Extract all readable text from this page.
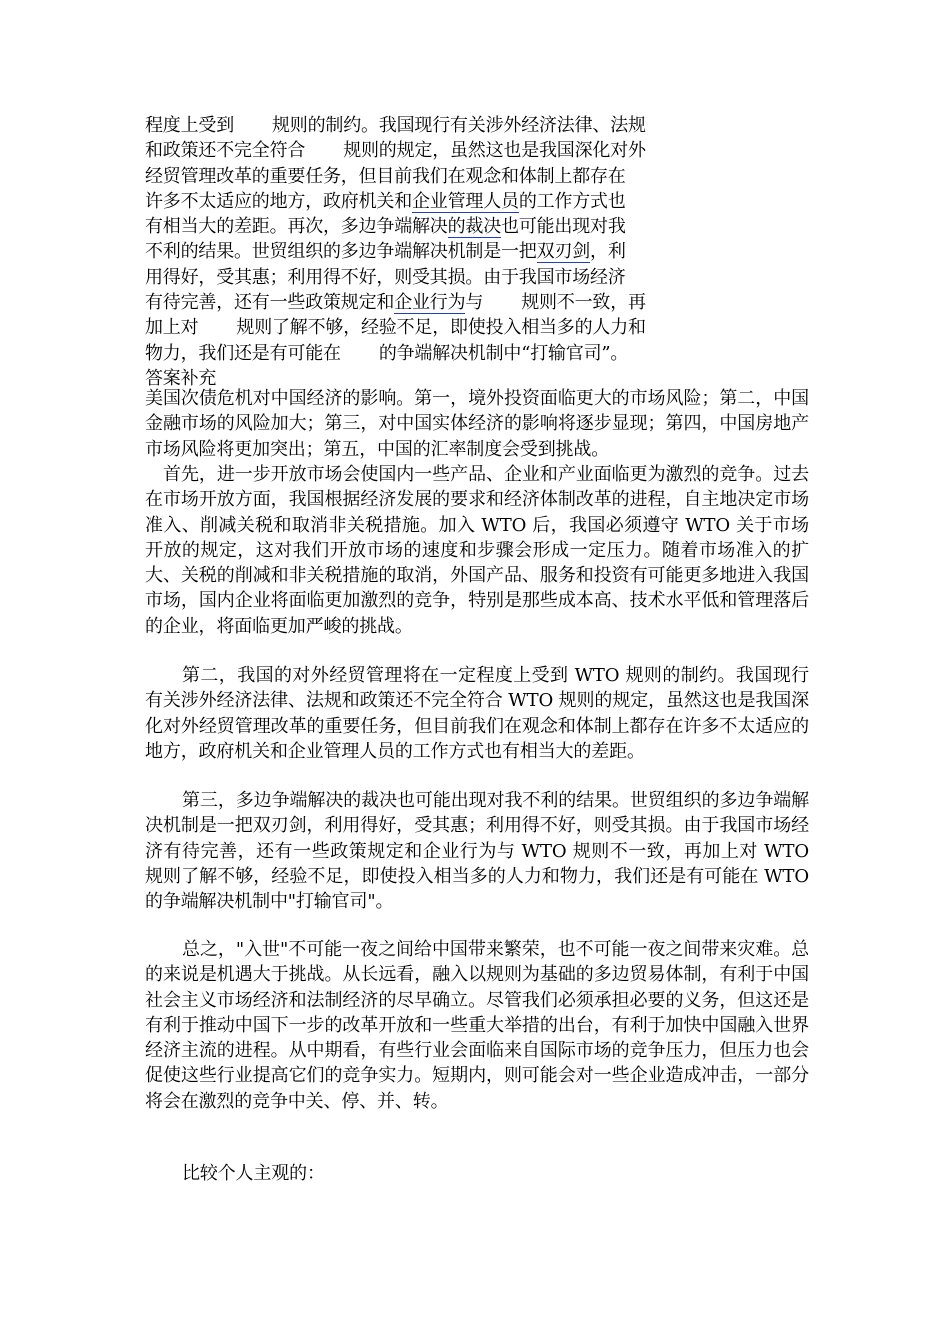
程度上受到 规则的制约。我国现行有关涉外经济法律、法规
和政策还不完全符合 规则的规定，虽然这也是我国深化对外
经贸管理改革的重要任务，但目前我们在观念和体制上都存在
许多不太适应的地方，政府机关和企业管理人员的工作方式也
有相当大的差距。再次，多边争端解决的裁决也可能出现对我
不利的结果。世贸组织的多边争端解决机制是一把双刃剑，利
用得好，受其惠；利用得不好，则受其损。由于我国市场经济
有待完善，还有一些政策规定和企业行为与 规则不一致，再
加上对 规则了解不够，经验不足，即使投入相当多的人力和
物力，我们还是有可能在 的争端解决机制中“打输官司”。
答案补充

美国次债危机对中国经济的影响。第一，境外投资面临更大的市场风险；第二，中国金融市场的风险加大；第三，对中国实体经济的影响将逐步显现；第四，中国房地产市场风险将更加突出；第五，中国的汇率制度会受到挑战。

首先，进一步开放市场会使国内一些产品、企业和产业面临更为激烈的竞争。过去在市场开放方面，我国根据经济发展的要求和经济体制改革的进程，自主地决定市场准入、削减关税和取消非关税措施。加入 WTO 后，我国必须遵守 WTO 关于市场开放的规定，这对我们开放市场的速度和步骤会形成一定压力。随着市场准入的扩大、关税的削减和非关税措施的取消，外国产品、服务和投资有可能更多地进入我国市场，国内企业将面临更加激烈的竞争，特别是那些成本高、技术水平低和管理落后的企业，将面临更加严峻的挑战。

第二，我国的对外经贸管理将在一定程度上受到 WTO 规则的制约。我国现行有关涉外经济法律、法规和政策还不完全符合 WTO 规则的规定，虽然这也是我国深化对外经贸管理改革的重要任务，但目前我们在观念和体制上都存在许多不太适应的地方，政府机关和企业管理人员的工作方式也有相当大的差距。

第三，多边争端解决的裁决也可能出现对我不利的结果。世贸组织的多边争端解决机制是一把双刃剑，利用得好，受其惠；利用得不好，则受其损。由于我国市场经济有待完善，还有一些政策规定和企业行为与 WTO 规则不一致，再加上对 WTO 规则了解不够，经验不足，即使投入相当多的人力和物力，我们还是有可能在 WTO 的争端解决机制中"打输官司"。

总之，"入世"不可能一夜之间给中国带来繁荣，也不可能一夜之间带来灾难。总的来说是机遇大于挑战。从长远看，融入以规则为基础的多边贸易体制，有利于中国社会主义市场经济和法制经济的尽早确立。尽管我们必须承担必要的义务，但这还是有利于推动中国下一步的改革开放和一些重大举措的出台，有利于加快中国融入世界经济主流的进程。从中期看，有些行业会面临来自国际市场的竞争压力，但压力也会促使这些行业提高它们的竞争实力。短期内，则可能会对一些企业造成冲击，一部分将会在激烈的竞争中关、停、并、转。

比较个人主观的：
